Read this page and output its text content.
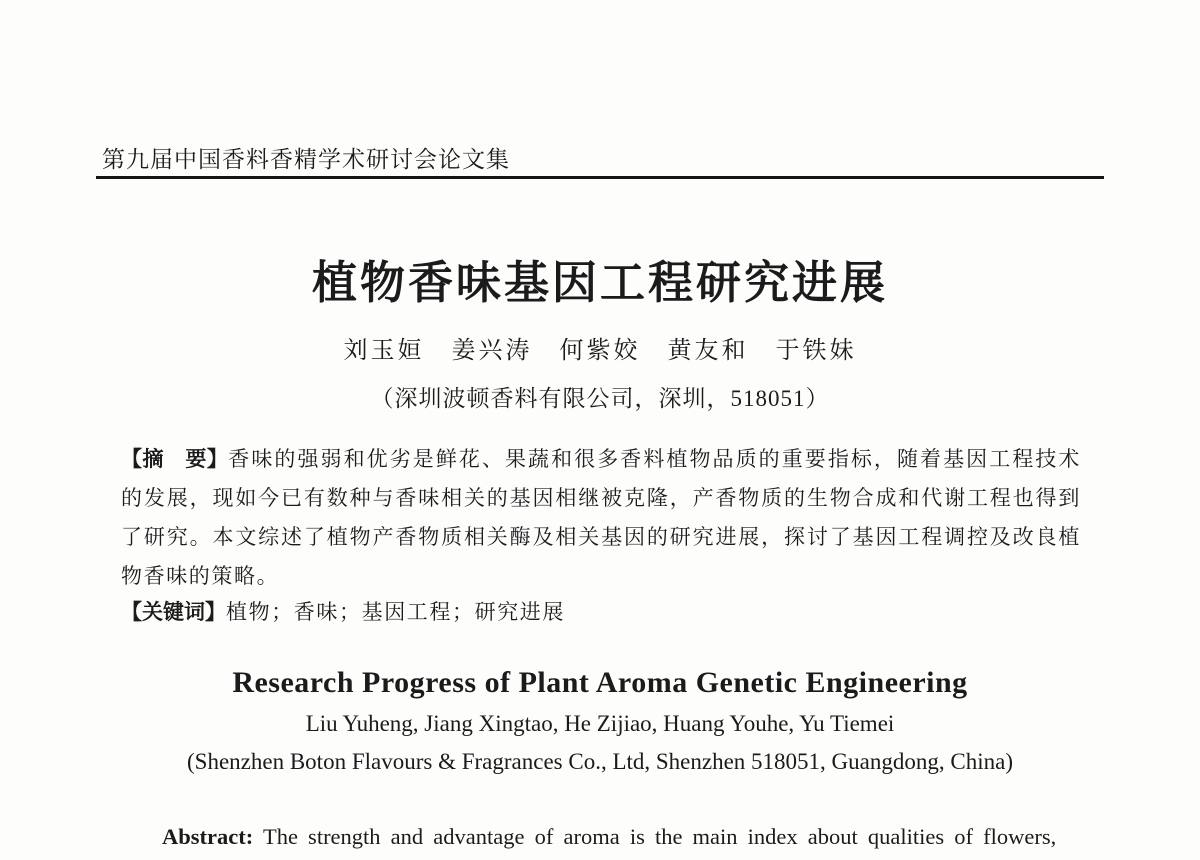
第九届中国香料香精学术研讨会论文集
植物香味基因工程研究进展
刘玉姮　姜兴涛　何紫姣　黄友和　于铁妹
（深圳波顿香料有限公司，深圳，518051）

【摘　要】香味的强弱和优劣是鲜花、果蔬和很多香料植物品质的重要指标，随着基因工程技术的发展，现如今已有数种与香味相关的基因相继被克隆，产香物质的生物合成和代谢工程也得到了研究。本文综述了植物产香物质相关酶及相关基因的研究进展，探讨了基因工程调控及改良植物香味的策略。

【关键词】植物；香味；基因工程；研究进展

Research Progress of Plant Aroma Genetic Engineering
Liu Yuheng, Jiang Xingtao, He Zijiao, Huang Youhe, Yu Tiemei
(Shenzhen Boton Flavours & Fragrances Co., Ltd, Shenzhen 518051, Guangdong, China)

Abstract: The strength and advantage of aroma is the main index about qualities of flowers,
